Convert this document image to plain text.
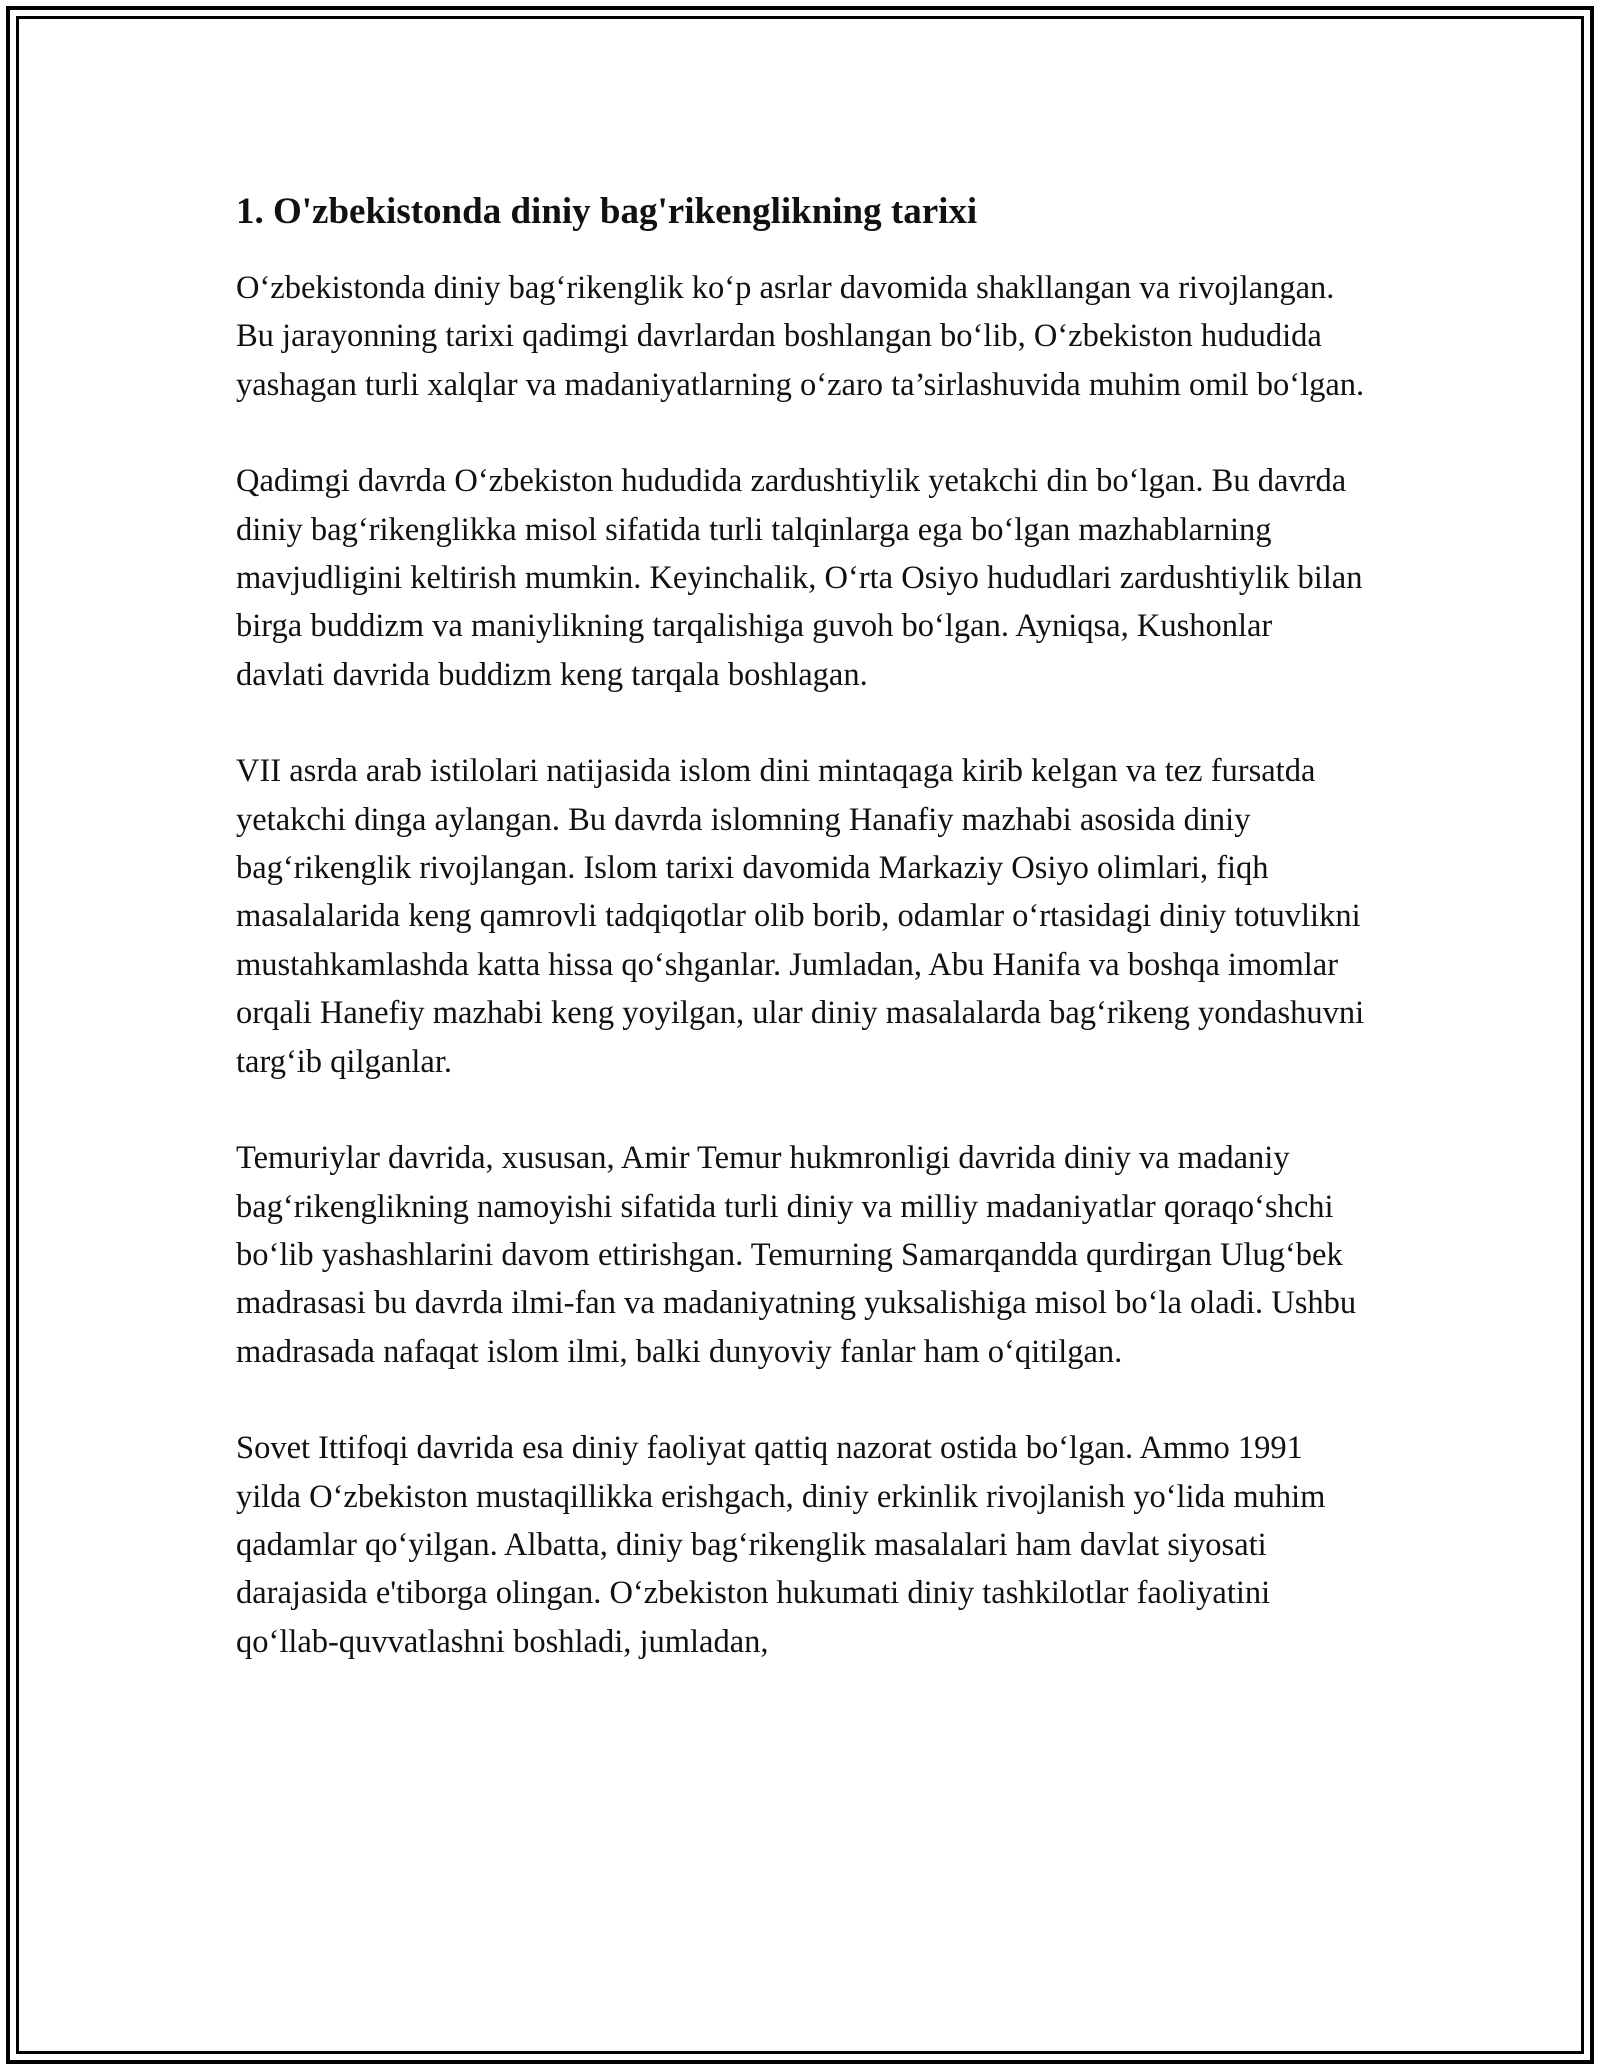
1. O'zbekistonda diniy bag'rikenglikning tarixi

O‘zbekistonda diniy bag‘rikenglik ko‘p asrlar davomida shakllangan va rivojlangan. Bu jarayonning tarixi qadimgi davrlardan boshlangan bo‘lib, O‘zbekiston hududida yashagan turli xalqlar va madaniyatlarning o‘zaro ta’sirlashuvida muhim omil bo‘lgan.

Qadimgi davrda O‘zbekiston hududida zardushtiylik yetakchi din bo‘lgan. Bu davrda diniy bag‘rikenglikka misol sifatida turli talqinlarga ega bo‘lgan mazhablarning mavjudligini keltirish mumkin. Keyinchalik, O‘rta Osiyo hududlari zardushtiylik bilan birga buddizm va maniylikning tarqalishiga guvoh bo‘lgan. Ayniqsa, Kushonlar davlati davrida buddizm keng tarqala boshlagan.

VII asrda arab istilolari natijasida islom dini mintaqaga kirib kelgan va tez fursatda yetakchi dinga aylangan. Bu davrda islomning Hanafiy mazhabi asosida diniy bag‘rikenglik rivojlangan. Islom tarixi davomida Markaziy Osiyo olimlari, fiqh masalalarida keng qamrovli tadqiqotlar olib borib, odamlar o‘rtasidagi diniy totuvlikni mustahkamlashda katta hissa qo‘shganlar. Jumladan, Abu Hanifa va boshqa imomlar orqali Hanefiy mazhabi keng yoyilgan, ular diniy masalalarda bag‘rikeng yondashuvni targ‘ib qilganlar.

Temuriylar davrida, xususan, Amir Temur hukmronligi davrida diniy va madaniy bag‘rikenglikning namoyishi sifatida turli diniy va milliy madaniyatlar qoraqo‘shchi bo‘lib yashashlarini davom ettirishgan. Temurning Samarqandda qurdirgan Ulug‘bek madrasasi bu davrda ilmi-fan va madaniyatning yuksalishiga misol bo‘la oladi. Ushbu madrasada nafaqat islom ilmi, balki dunyoviy fanlar ham o‘qitilgan.

Sovet Ittifoqi davrida esa diniy faoliyat qattiq nazorat ostida bo‘lgan. Ammo 1991 yilda O‘zbekiston mustaqillikka erishgach, diniy erkinlik rivojlanish yo‘lida muhim qadamlar qo‘yilgan. Albatta, diniy bag‘rikenglik masalalari ham davlat siyosati darajasida e'tiborga olingan. O‘zbekiston hukumati diniy tashkilotlar faoliyatini qo‘llab-quvvatlashni boshladi, jumladan,
